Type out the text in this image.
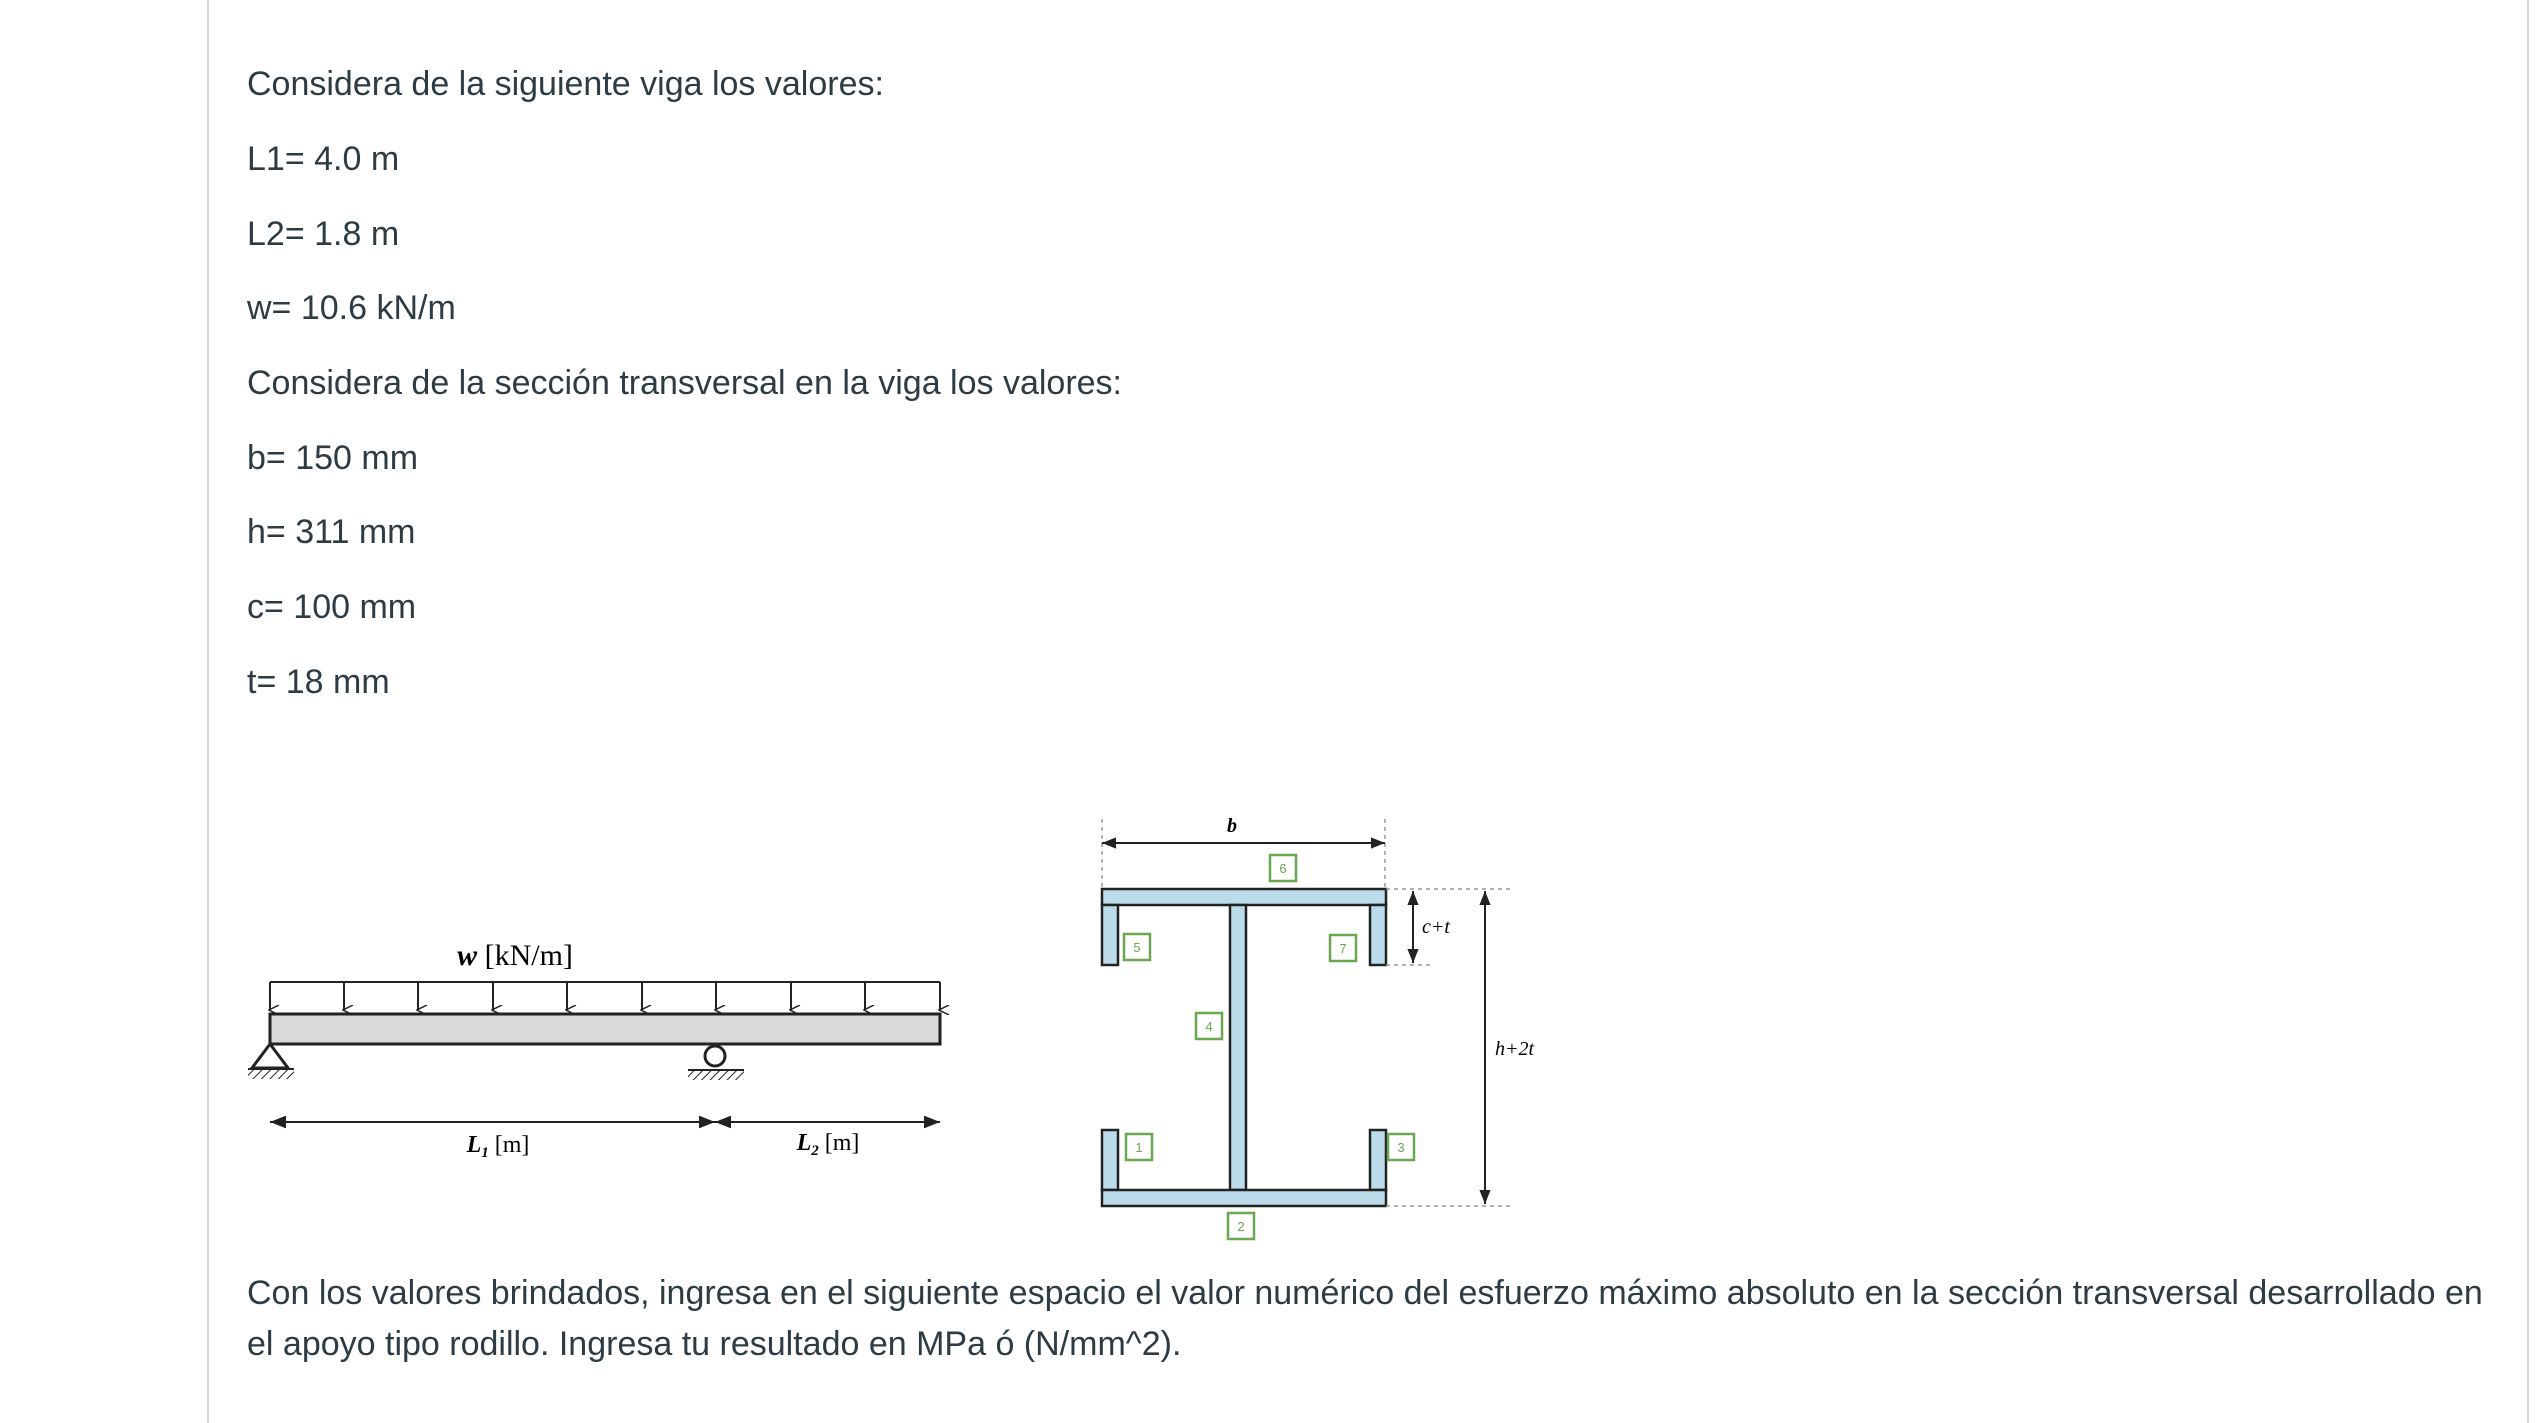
Considera de la siguiente viga los valores:

L1= 4.0 m

L2= 1.8 m

w= 10.6 kN/m

Considera de la sección transversal en la viga los valores:

b= 150 mm

h= 311 mm

c= 100 mm

t= 18 mm

Con los valores brindados, ingresa en el siguiente espacio el valor numérico del esfuerzo máximo absoluto en la sección transversal desarrollado en el apoyo tipo rodillo. Ingresa tu resultado en MPa ó (N/mm^2).

w [kN/m]
$L_1$ [m]	$L_2$ [m]
b
c+t
h+2t
1
2
3
4
5
6
7
8
